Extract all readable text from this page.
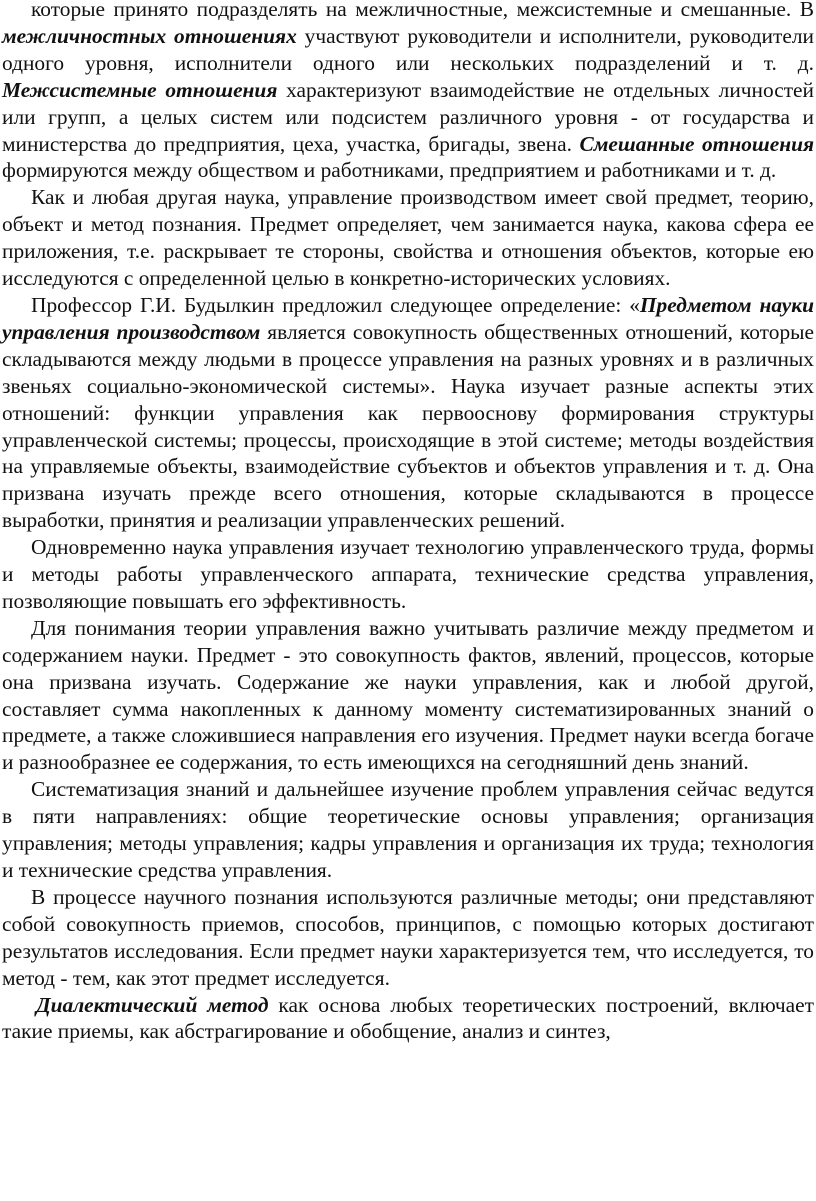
которые принято подразделять на межличностные, межсистемные и смешанные. В межличностных отношениях участвуют руководители и исполнители, руководители одного уровня, исполнители одного или нескольких подразделений и т. д. Межсистемные отношения характеризуют взаимодействие не отдельных личностей или групп, а целых систем или подсистем различного уровня - от государства и министерства до предприятия, цеха, участка, бригады, звена. Смешанные отношения формируются между обществом и работниками, предприятием и работниками и т. д.

Как и любая другая наука, управление производством имеет свой предмет, теорию, объект и метод познания. Предмет определяет, чем занимается наука, какова сфера ее приложения, т.е. раскрывает те стороны, свойства и отношения объектов, которые ею исследуются с определенной целью в конкретно-исторических условиях.

Профессор Г.И. Будылкин предложил следующее определение: «Предметом науки управления производством является совокупность общественных отношений, которые складываются между людьми в процессе управления на разных уровнях и в различных звеньях социально-экономической системы». Наука изучает разные аспекты этих отношений: функции управления как первооснову формирования структуры управленческой системы; процессы, происходящие в этой системе; методы воздействия на управляемые объекты, взаимодействие субъектов и объектов управления и т. д. Она призвана изучать прежде всего отношения, которые складываются в процессе выработки, принятия и реализации управленческих решений.

Одновременно наука управления изучает технологию управленческого труда, формы и методы работы управленческого аппарата, технические средства управления, позволяющие повышать его эффективность.

Для понимания теории управления важно учитывать различие между предметом и содержанием науки. Предмет - это совокупность фактов, явлений, процессов, которые она призвана изучать. Содержание же науки управления, как и любой другой, составляет сумма накопленных к данному моменту систематизированных знаний о предмете, а также сложившиеся направления его изучения. Предмет науки всегда богаче и разнообразнее ее содержания, то есть имеющихся на сегодняшний день знаний.

Систематизация знаний и дальнейшее изучение проблем управления сейчас ведутся в пяти направлениях: общие теоретические основы управления; организация управления; методы управления; кадры управления и организация их труда; технология и технические средства управления.

В процессе научного познания используются различные методы; они представляют собой совокупность приемов, способов, принципов, с помощью которых достигают результатов исследования. Если предмет науки характеризуется тем, что исследуется, то метод - тем, как этот предмет исследуется.

Диалектический метод как основа любых теоретических построений, включает такие приемы, как абстрагирование и обобщение, анализ и синтез,
